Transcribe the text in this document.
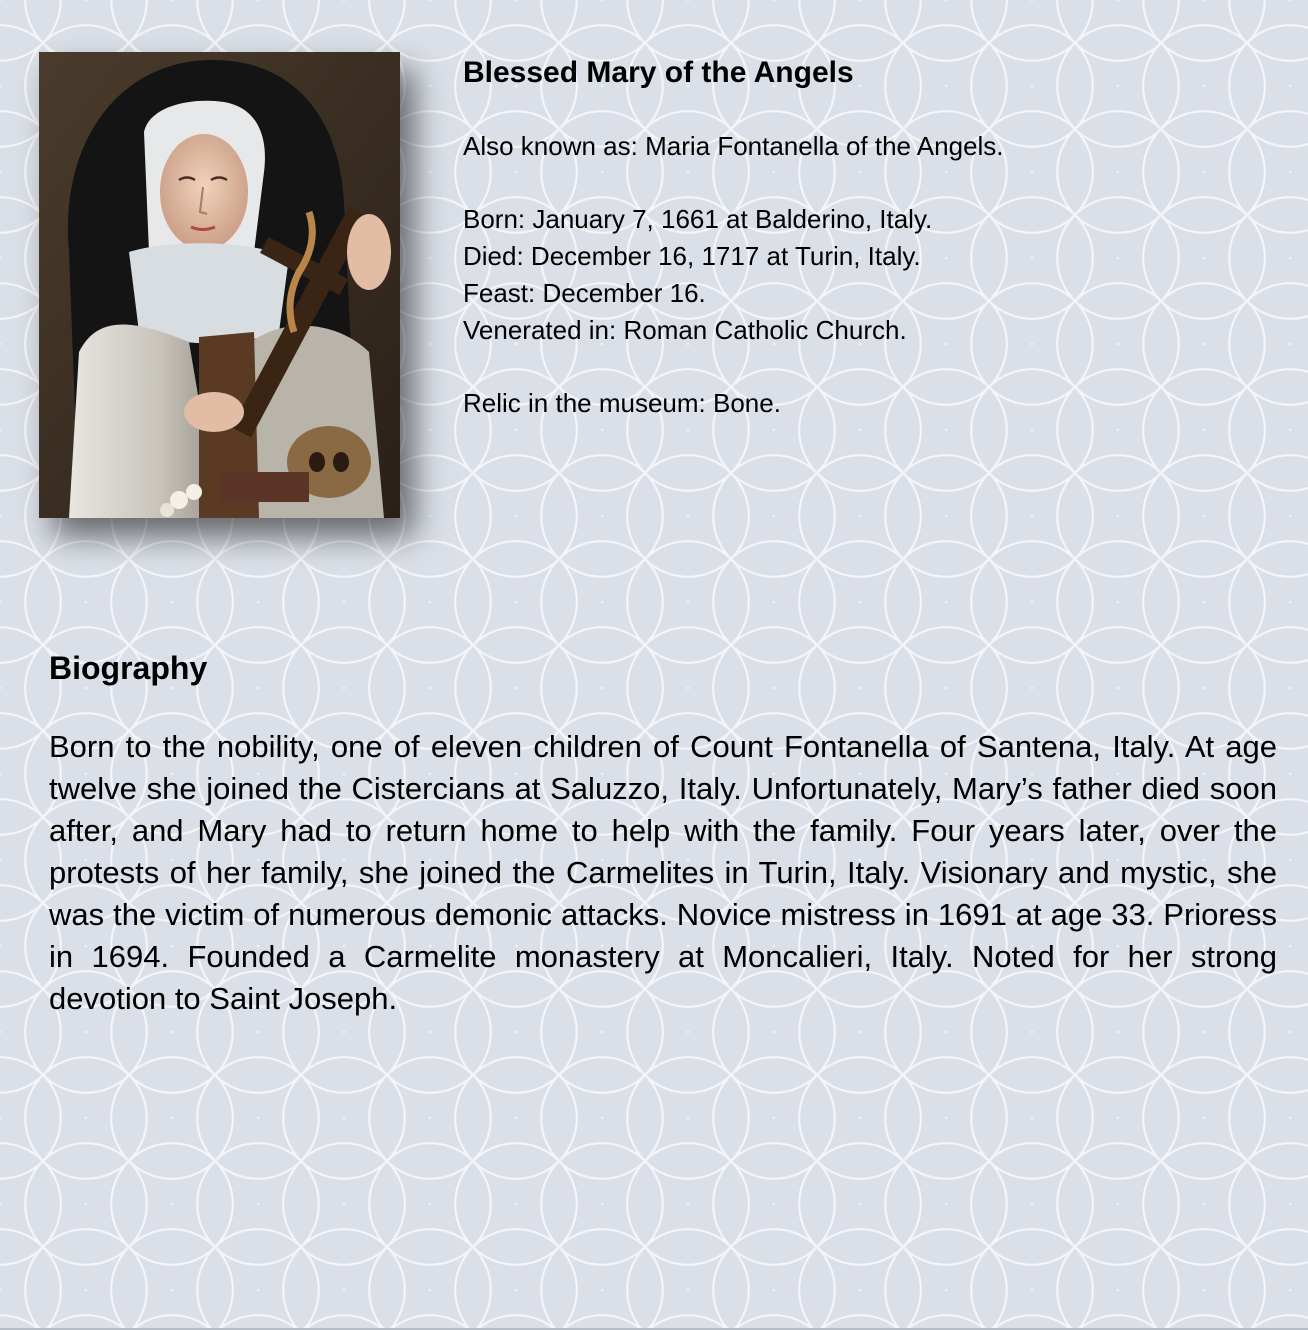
Blessed Mary of the Angels

Also known as: Maria Fontanella of the Angels.

Born: January 7, 1661 at Balderino, Italy.

Died: December 16, 1717 at Turin, Italy.

Feast: December 16.

Venerated in: Roman Catholic Church.

Relic in the museum: Bone.

Biography

Born to the nobility, one of eleven children of Count Fontanella of Santena, Italy. At age twelve she joined the Cistercians at Saluzzo, Italy. Unfortunately, Mary’s father died soon after, and Mary had to return home to help with the family. Four years later, over the protests of her family, she joined the Carmelites in Turin, Italy. Visionary and mystic, she was the victim of numerous demonic attacks. Novice mistress in 1691 at age 33. Prioress in 1694. Founded a Carmelite monastery at Moncalieri, Italy. Noted for her strong devotion to Saint Joseph.
